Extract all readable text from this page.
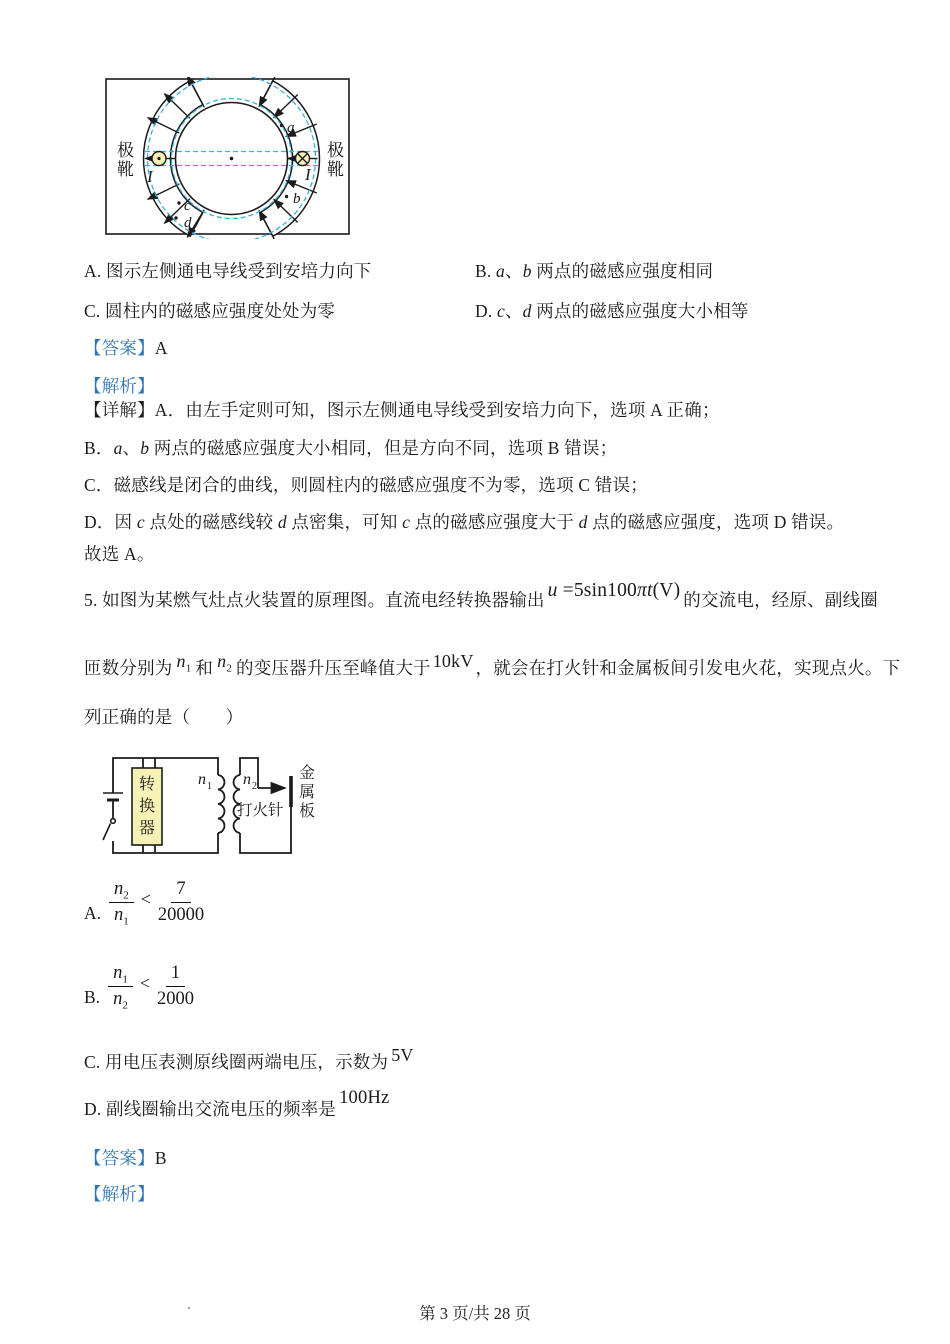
极
靴
极
靴
I	I
a
b
c
d
A. 图示左侧通电导线受到安培力向下	B. a、b 两点的磁感应强度相同
C. 圆柱内的磁感应强度处处为零	D. c、d 两点的磁感应强度大小相等
【答案】A
【解析】
【详解】A．由左手定则可知，图示左侧通电导线受到安培力向下，选项 A 正确；
B．a、b 两点的磁感应强度大小相同，但是方向不同，选项 B 错误；
C．磁感线是闭合的曲线，则圆柱内的磁感应强度不为零，选项 C 错误；
D．因 c 点处的磁感线较 d 点密集，可知 c 点的磁感应强度大于 d 点的磁感应强度，选项 D 错误。
故选 A。
5. 如图为某燃气灶点火装置的原理图。直流电经转换器输出 u =5sin100πt(V) 的交流电，经原、副线圈
匝数分别为 $n_1$ 和 $n_2$ 的变压器升压至峰值大于 10kV ，就会在打火针和金属板间引发电火花，实现点火。下
列正确的是（　　）
转
换
器
n 1 n 2
打火针
金
属
板
A. $\frac{n_2}{n_1} < \frac{7}{20000}$
B. $\frac{n_1}{n_2} < \frac{1}{2000}$
C. 用电压表测原线圈两端电压，示数为 5V
D. 副线圈输出交流电压的频率是100Hz
【答案】B
【解析】
第 3 页/共 28 页
